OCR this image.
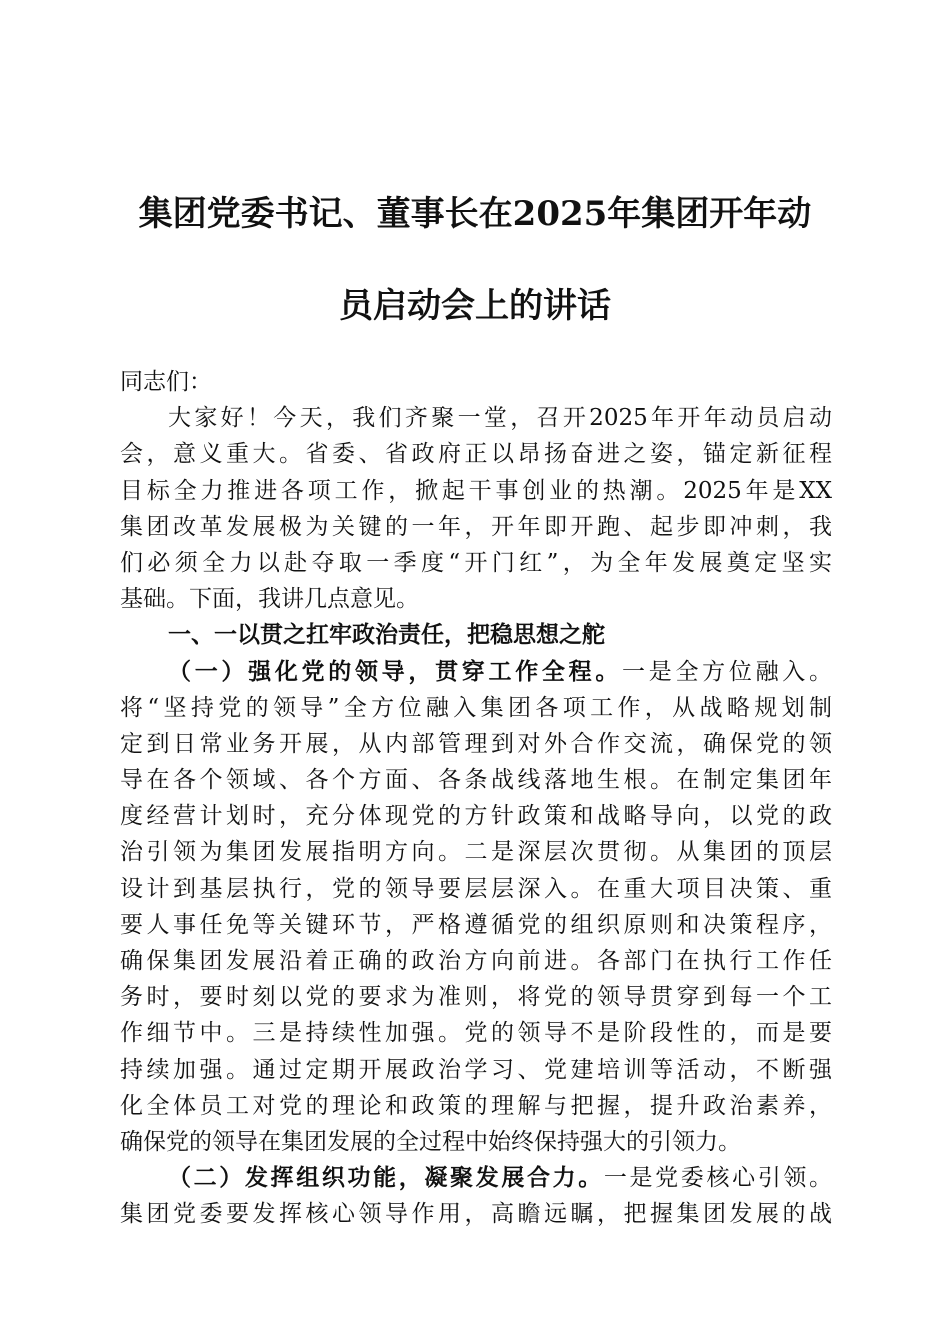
集团党委书记、董事长在2025年集团开年动
员启动会上的讲话
同志们：
大家好！今天，我们齐聚一堂，召开2025年开年动员启动
会，意义重大。省委、省政府正以昂扬奋进之姿，锚定新征程
目标全力推进各项工作，掀起干事创业的热潮。2025年是XX
集团改革发展极为关键的一年，开年即开跑、起步即冲刺，我
们必须全力以赴夺取一季度“开门红”，为全年发展奠定坚实
基础。下面，我讲几点意见。
一、一以贯之扛牢政治责任，把稳思想之舵
（一）强化党的领导，贯穿工作全程。一是全方位融入。
将“坚持党的领导”全方位融入集团各项工作，从战略规划制
定到日常业务开展，从内部管理到对外合作交流，确保党的领
导在各个领域、各个方面、各条战线落地生根。在制定集团年
度经营计划时，充分体现党的方针政策和战略导向，以党的政
治引领为集团发展指明方向。二是深层次贯彻。从集团的顶层
设计到基层执行，党的领导要层层深入。在重大项目决策、重
要人事任免等关键环节，严格遵循党的组织原则和决策程序，
确保集团发展沿着正确的政治方向前进。各部门在执行工作任
务时，要时刻以党的要求为准则，将党的领导贯穿到每一个工
作细节中。三是持续性加强。党的领导不是阶段性的，而是要
持续加强。通过定期开展政治学习、党建培训等活动，不断强
化全体员工对党的理论和政策的理解与把握，提升政治素养，
确保党的领导在集团发展的全过程中始终保持强大的引领力。
（二）发挥组织功能，凝聚发展合力。一是党委核心引领。
集团党委要发挥核心领导作用，高瞻远瞩，把握集团发展的战
